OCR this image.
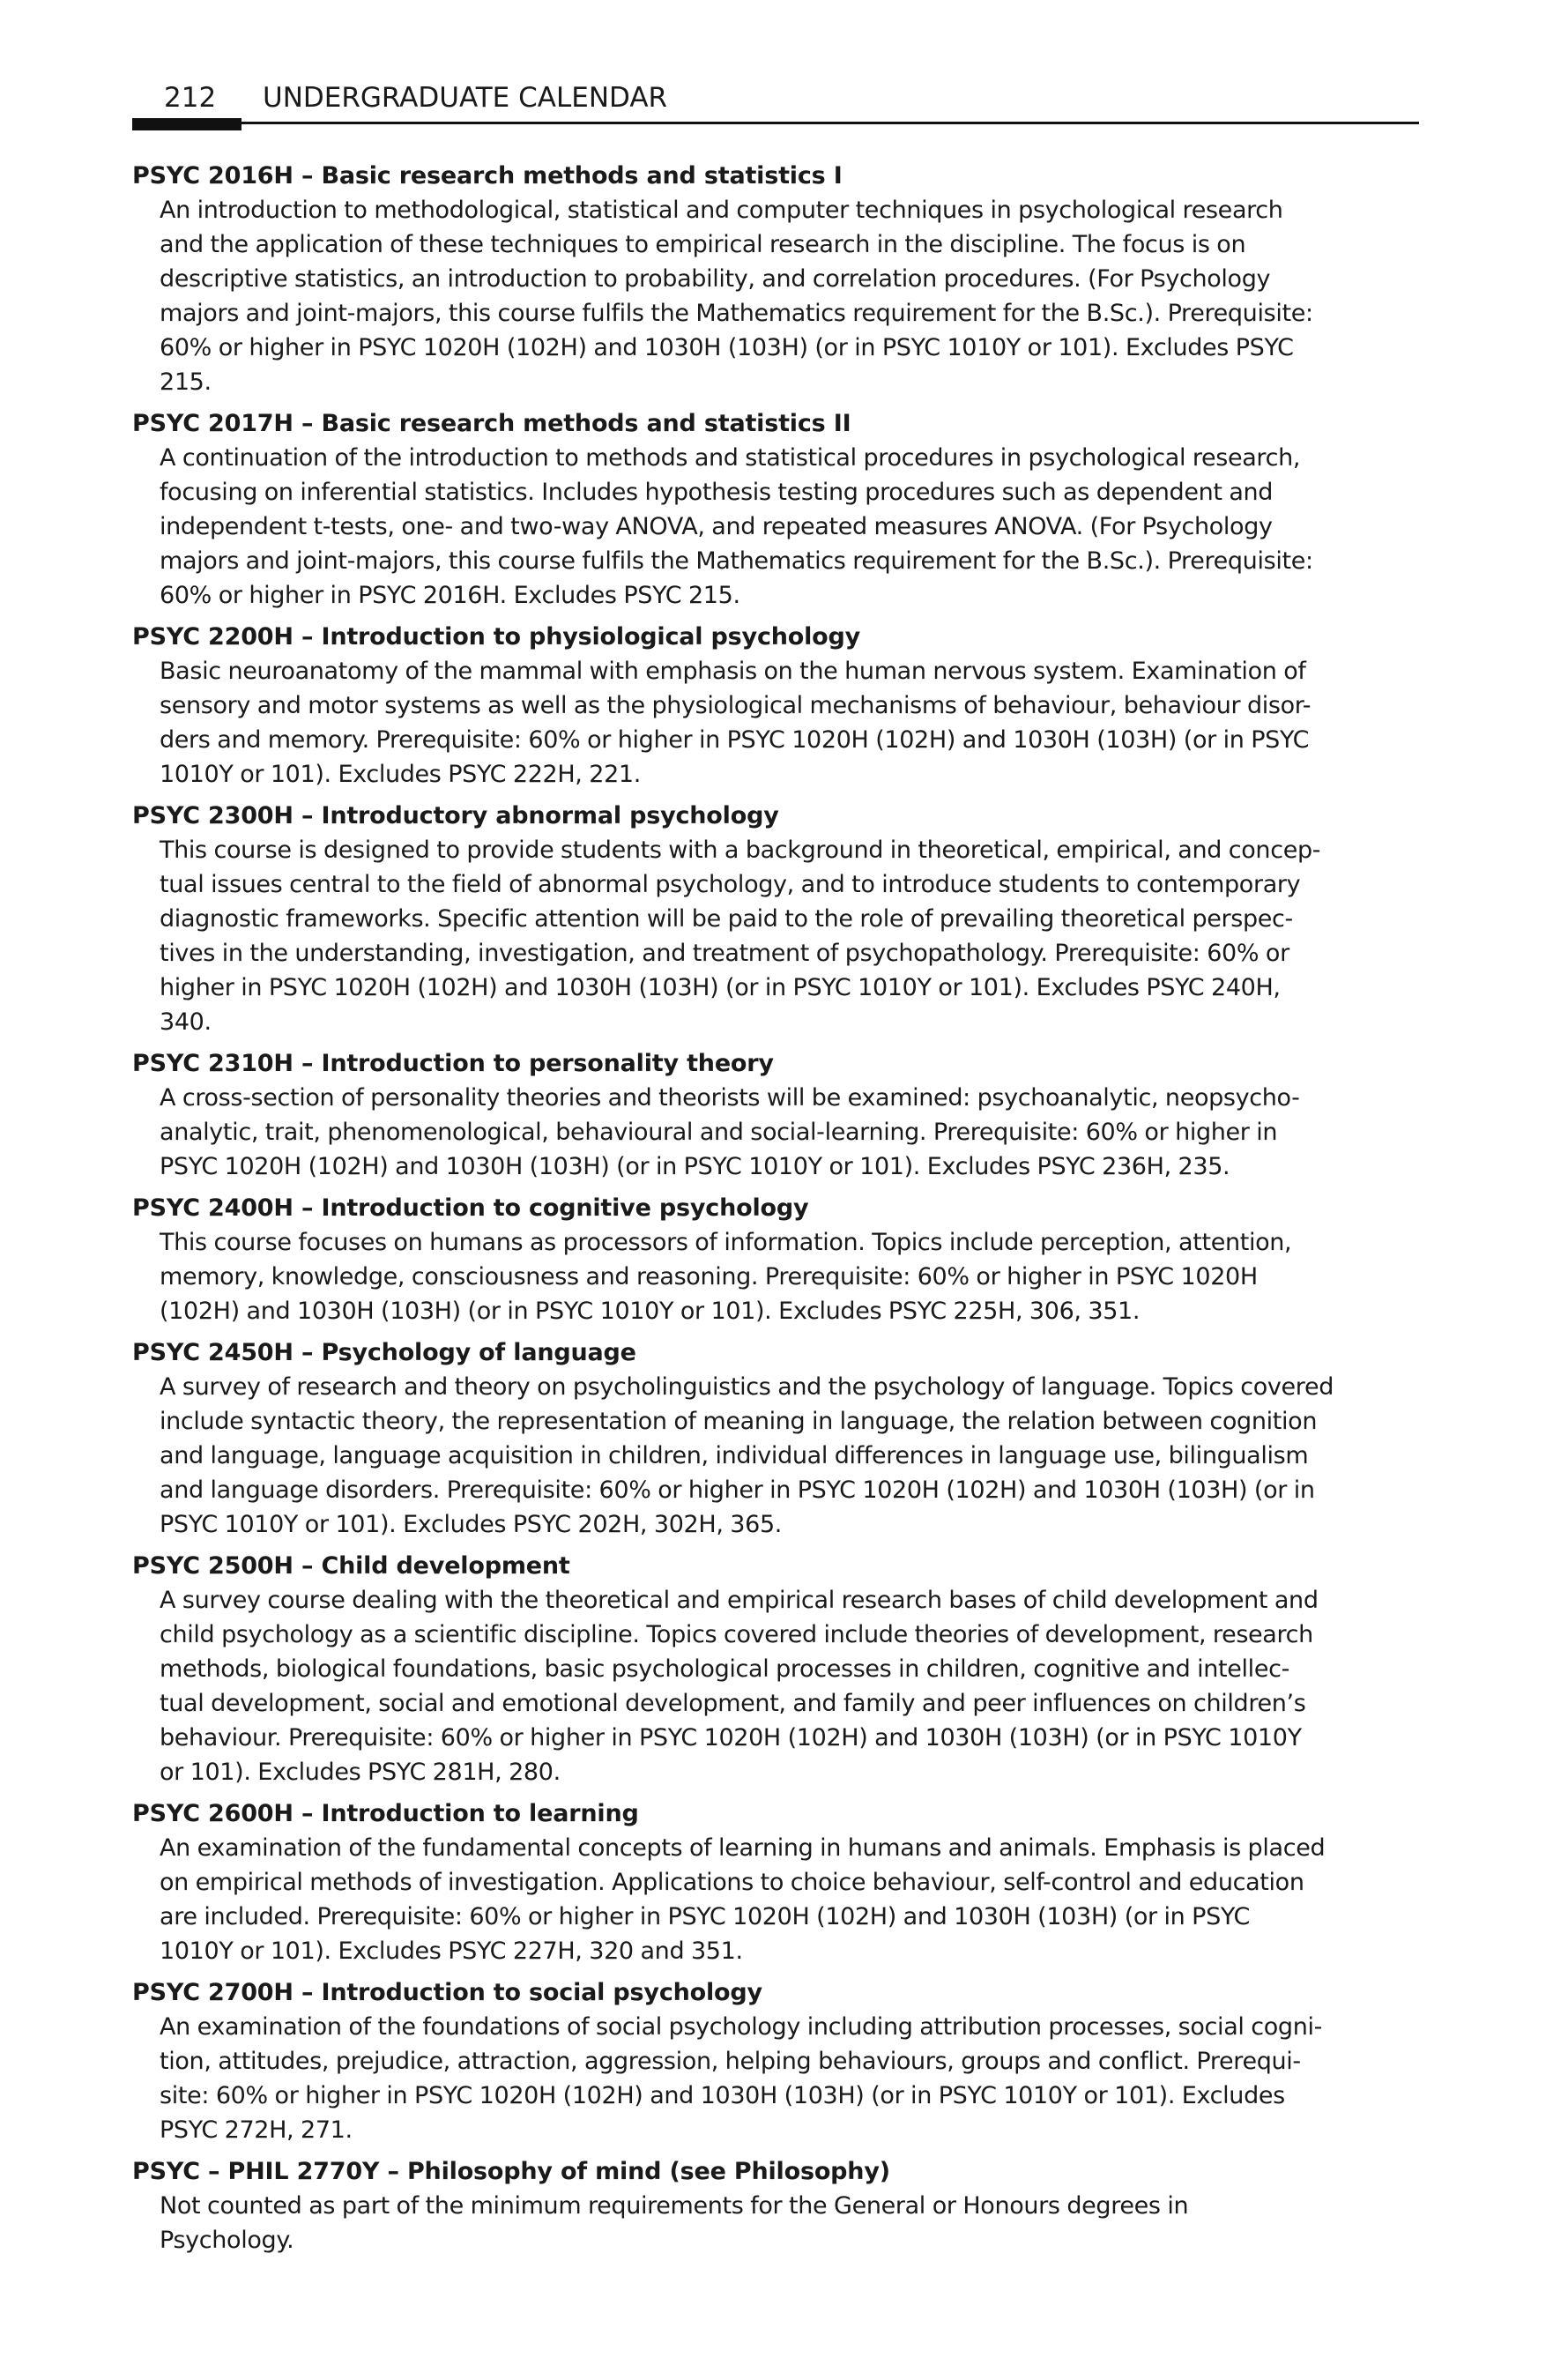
212 UNDERGRADUATE CALENDAR
PSYC 2016H – Basic research methods and statistics I
An introduction to methodological, statistical and computer techniques in psychological research
and the application of these techniques to empirical research in the discipline. The focus is on
descriptive statistics, an introduction to probability, and correlation procedures. (For Psychology
majors and joint-majors, this course fulfils the Mathematics requirement for the B.Sc.). Prerequisite:
60% or higher in PSYC 1020H (102H) and 1030H (103H) (or in PSYC 1010Y or 101). Excludes PSYC
215.
PSYC 2017H – Basic research methods and statistics II
A continuation of the introduction to methods and statistical procedures in psychological research,
focusing on inferential statistics. Includes hypothesis testing procedures such as dependent and
independent t-tests, one- and two-way ANOVA, and repeated measures ANOVA. (For Psychology
majors and joint-majors, this course fulfils the Mathematics requirement for the B.Sc.). Prerequisite:
60% or higher in PSYC 2016H. Excludes PSYC 215.
PSYC 2200H – Introduction to physiological psychology
Basic neuroanatomy of the mammal with emphasis on the human nervous system. Examination of
sensory and motor systems as well as the physiological mechanisms of behaviour, behaviour disor-
ders and memory. Prerequisite: 60% or higher in PSYC 1020H (102H) and 1030H (103H) (or in PSYC
1010Y or 101). Excludes PSYC 222H, 221.
PSYC 2300H – Introductory abnormal psychology
This course is designed to provide students with a background in theoretical, empirical, and concep-
tual issues central to the field of abnormal psychology, and to introduce students to contemporary
diagnostic frameworks. Specific attention will be paid to the role of prevailing theoretical perspec-
tives in the understanding, investigation, and treatment of psychopathology. Prerequisite: 60% or
higher in PSYC 1020H (102H) and 1030H (103H) (or in PSYC 1010Y or 101). Excludes PSYC 240H,
340.
PSYC 2310H – Introduction to personality theory
A cross-section of personality theories and theorists will be examined: psychoanalytic, neopsycho-
analytic, trait, phenomenological, behavioural and social-learning. Prerequisite: 60% or higher in
PSYC 1020H (102H) and 1030H (103H) (or in PSYC 1010Y or 101). Excludes PSYC 236H, 235.
PSYC 2400H – Introduction to cognitive psychology
This course focuses on humans as processors of information. Topics include perception, attention,
memory, knowledge, consciousness and reasoning. Prerequisite: 60% or higher in PSYC 1020H
(102H) and 1030H (103H) (or in PSYC 1010Y or 101). Excludes PSYC 225H, 306, 351.
PSYC 2450H – Psychology of language
A survey of research and theory on psycholinguistics and the psychology of language. Topics covered
include syntactic theory, the representation of meaning in language, the relation between cognition
and language, language acquisition in children, individual differences in language use, bilingualism
and language disorders. Prerequisite: 60% or higher in PSYC 1020H (102H) and 1030H (103H) (or in
PSYC 1010Y or 101). Excludes PSYC 202H, 302H, 365.
PSYC 2500H – Child development
A survey course dealing with the theoretical and empirical research bases of child development and
child psychology as a scientific discipline. Topics covered include theories of development, research
methods, biological foundations, basic psychological processes in children, cognitive and intellec-
tual development, social and emotional development, and family and peer influences on children’s
behaviour. Prerequisite: 60% or higher in PSYC 1020H (102H) and 1030H (103H) (or in PSYC 1010Y
or 101). Excludes PSYC 281H, 280.
PSYC 2600H – Introduction to learning
An examination of the fundamental concepts of learning in humans and animals. Emphasis is placed
on empirical methods of investigation. Applications to choice behaviour, self-control and education
are included. Prerequisite: 60% or higher in PSYC 1020H (102H) and 1030H (103H) (or in PSYC
1010Y or 101). Excludes PSYC 227H, 320 and 351.
PSYC 2700H – Introduction to social psychology
An examination of the foundations of social psychology including attribution processes, social cogni-
tion, attitudes, prejudice, attraction, aggression, helping behaviours, groups and conflict. Prerequi-
site: 60% or higher in PSYC 1020H (102H) and 1030H (103H) (or in PSYC 1010Y or 101). Excludes
PSYC 272H, 271.
PSYC – PHIL 2770Y – Philosophy of mind (see Philosophy)
Not counted as part of the minimum requirements for the General or Honours degrees in
Psychology.
